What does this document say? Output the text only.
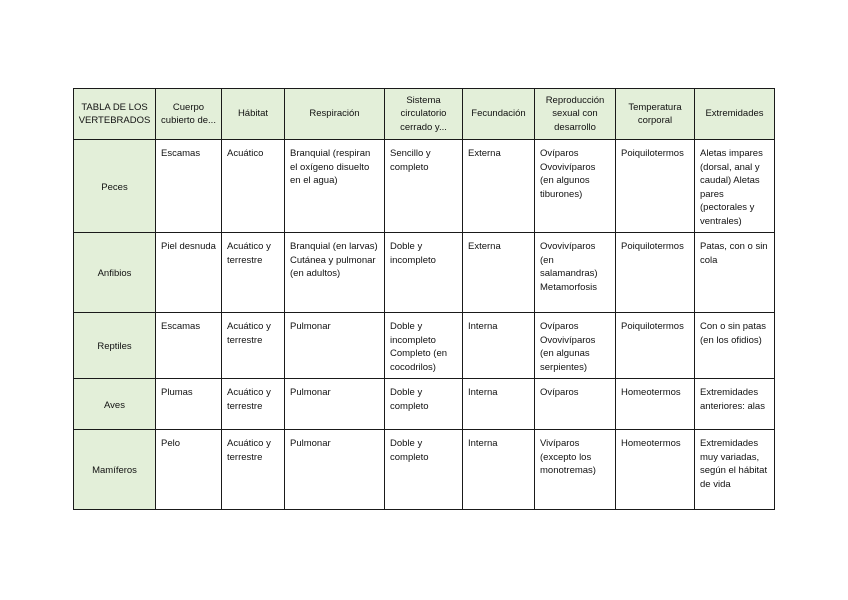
TABLA DE LOS VERTEBRADOS	Cuerpo cubierto de...	Hábitat	Respiración	Sistema circulatorio cerrado y...	Fecundación	Reproducción sexual con desarrollo	Temperatura corporal	Extremidades
Peces	Escamas	Acuático	Branquial (respiran el oxígeno disuelto en el agua)	Sencillo y completo	Externa	Ovíparos Ovovivíparos (en algunos tiburones)	Poiquilotermos	Aletas impares (dorsal, anal y caudal) Aletas pares (pectorales y ventrales)
Anfibios	Piel desnuda	Acuático y terrestre	Branquial (en larvas) Cutánea y pulmonar (en adultos)	Doble y incompleto	Externa	Ovovivíparos (en salamandras) Metamorfosis	Poiquilotermos	Patas, con o sin cola
Reptiles	Escamas	Acuático y terrestre	Pulmonar	Doble y incompleto Completo (en cocodrilos)	Interna	Ovíparos Ovovivíparos (en algunas serpientes)	Poiquilotermos	Con o sin patas (en los ofidios)
Aves	Plumas	Acuático y terrestre	Pulmonar	Doble y completo	Interna	Ovíparos	Homeotermos	Extremidades anteriores: alas
Mamíferos	Pelo	Acuático y terrestre	Pulmonar	Doble y completo	Interna	Vivíparos (excepto los monotremas)	Homeotermos	Extremidades muy variadas, según el hábitat de vida
